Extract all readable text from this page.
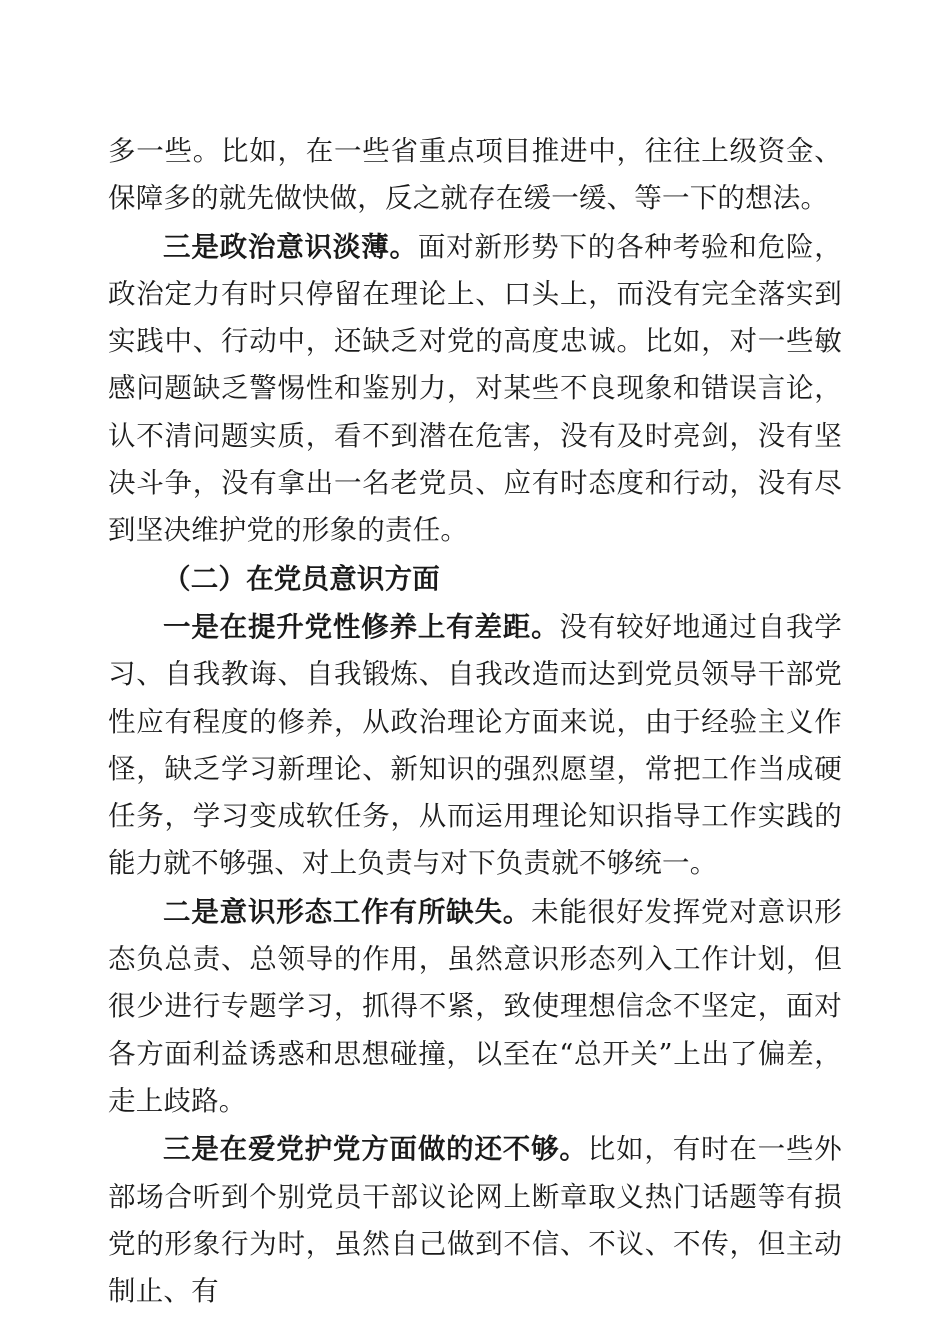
多一些。比如，在一些省重点项目推进中，往往上级资金、保障多的就先做快做，反之就存在缓一缓、等一下的想法。

三是政治意识淡薄。面对新形势下的各种考验和危险，政治定力有时只停留在理论上、口头上，而没有完全落实到实践中、行动中，还缺乏对党的高度忠诚。比如，对一些敏感问题缺乏警惕性和鉴别力，对某些不良现象和错误言论，认不清问题实质，看不到潜在危害，没有及时亮剑，没有坚决斗争，没有拿出一名老党员、应有时态度和行动，没有尽到坚决维护党的形象的责任。

（二）在党员意识方面

一是在提升党性修养上有差距。没有较好地通过自我学习、自我教诲、自我锻炼、自我改造而达到党员领导干部党性应有程度的修养，从政治理论方面来说，由于经验主义作怪，缺乏学习新理论、新知识的强烈愿望，常把工作当成硬任务，学习变成软任务，从而运用理论知识指导工作实践的能力就不够强、对上负责与对下负责就不够统一。

二是意识形态工作有所缺失。未能很好发挥党对意识形态负总责、总领导的作用，虽然意识形态列入工作计划，但很少进行专题学习，抓得不紧，致使理想信念不坚定，面对各方面利益诱惑和思想碰撞，以至在“总开关”上出了偏差，走上歧路。

三是在爱党护党方面做的还不够。比如，有时在一些外部场合听到个别党员干部议论网上断章取义热门话题等有损党的形象行为时，虽然自己做到不信、不议、不传，但主动制止、有
